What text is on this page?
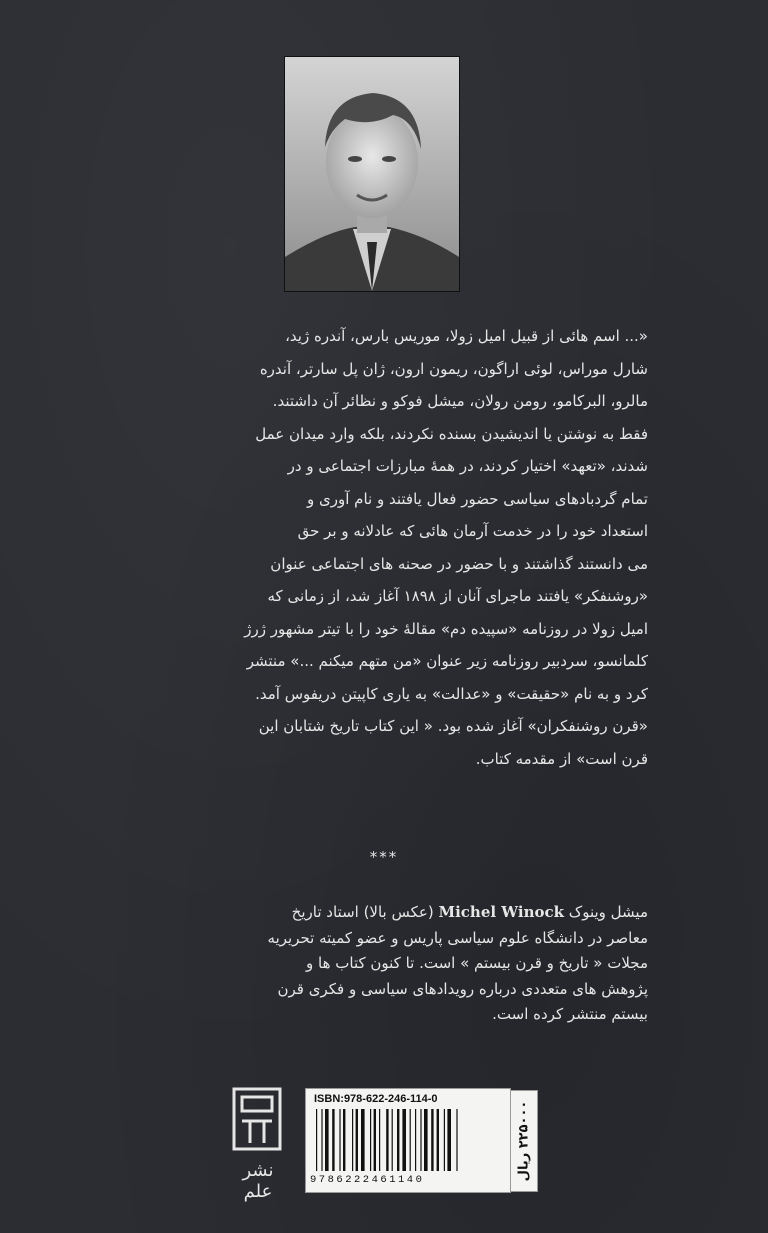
«... اسم هائی از قبیل امیل زولا، موریس بارس، آندره ژید،
شارل موراس، لوئی اراگون، ریمون ارون، ژان پل سارتر، آندره
مالرو، البرکامو، رومن رولان، میشل فوکو و نظائر آن داشتند.
فقط به نوشتن یا اندیشیدن بسنده نکردند، بلکه وارد میدان عمل
شدند، «تعهد» اختیار کردند، در همهٔ مبارزات اجتماعی و در
تمام گردبادهای سیاسی حضور فعال یافتند و نام آوری و
استعداد خود را در خدمت آرمان هائی که عادلانه و بر حق
می دانستند گذاشتند و با حضور در صحنه های اجتماعی عنوان
«روشنفکر» یافتند ماجرای آنان از ۱۸۹۸ آغاز شد، از زمانی که
امیل زولا در روزنامه «سپیده دم» مقالهٔ خود را با تیتر مشهور ژرژ
کلمانسو، سردبیر روزنامه زیر عنوان «من متهم میکنم ...» منتشر
کرد و به نام «حقیقت» و «عدالت» به یاری کاپیتن دریفوس آمد.
«قرن روشنفکران» آغاز شده بود. « این کتاب تاریخ شتابان این
قرن است» از مقدمه کتاب.
***
میشل وینوک Michel Winock (عکس بالا) استاد تاریخ
معاصر در دانشگاه علوم سیاسی پاریس و عضو کمیته تحریریه
مجلات « تاریخ و قرن بیستم » است. تا کنون کتاب ها و
پژوهش های متعددی درباره رویدادهای سیاسی و فکری قرن
بیستم منتشر کرده است.
نشر علم
ISBN:978-622-246-114-0
9786222461140	۲۲۵۰۰۰ ریال
